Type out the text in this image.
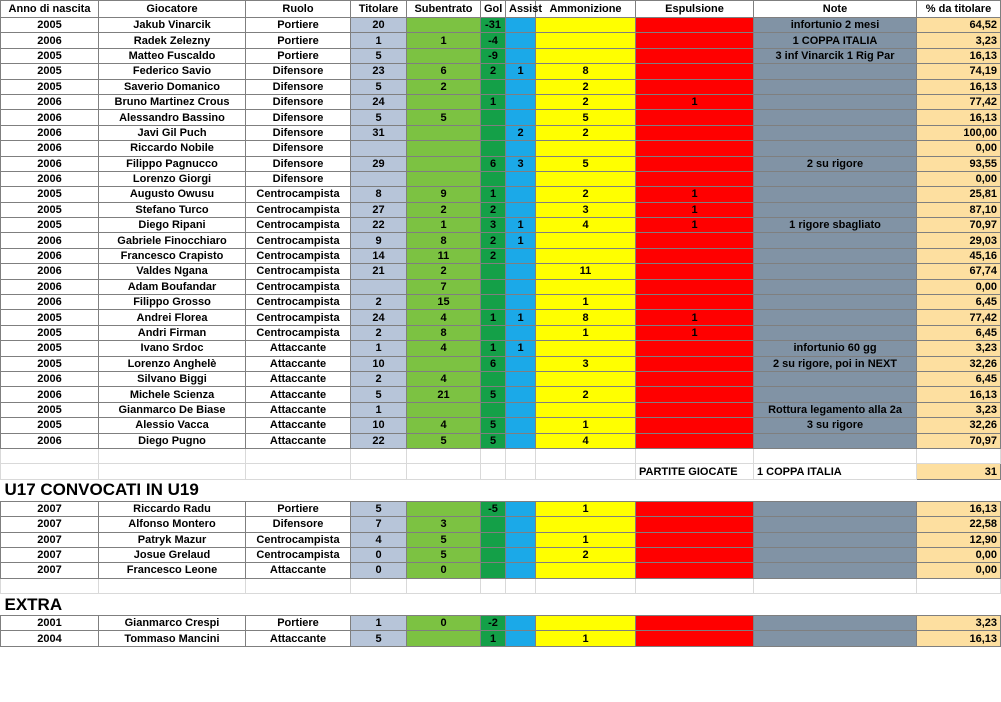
Anno di nascita	Giocatore	Ruolo	Titolare	Subentrato	Gol	Assist	Ammonizione	Espulsione	Note	% da titolare
2005	Jakub Vinarcik	Portiere	20		-31				infortunio 2 mesi	64,52
2006	Radek Zelezny	Portiere	1	1	-4				1 COPPA ITALIA	3,23
2005	Matteo Fuscaldo	Portiere	5		-9				3 inf Vinarcik 1 Rig Par	16,13
2005	Federico Savio	Difensore	23	6	2	1	8			74,19
2005	Saverio Domanico	Difensore	5	2			2			16,13
2006	Bruno Martinez Crous	Difensore	24		1		2	1		77,42
2006	Alessandro Bassino	Difensore	5	5			5			16,13
2006	Javi Gil Puch	Difensore	31			2	2			100,00
2006	Riccardo Nobile	Difensore								0,00
2006	Filippo Pagnucco	Difensore	29		6	3	5		2 su rigore	93,55
2006	Lorenzo Giorgi	Difensore								0,00
2005	Augusto Owusu	Centrocampista	8	9	1		2	1		25,81
2005	Stefano Turco	Centrocampista	27	2	2		3	1		87,10
2005	Diego Ripani	Centrocampista	22	1	3	1	4	1	1 rigore sbagliato	70,97
2006	Gabriele Finocchiaro	Centrocampista	9	8	2	1				29,03
2006	Francesco Crapisto	Centrocampista	14	11	2					45,16
2006	Valdes Ngana	Centrocampista	21	2			11			67,74
2006	Adam Boufandar	Centrocampista		7						0,00
2006	Filippo Grosso	Centrocampista	2	15			1			6,45
2005	Andrei Florea	Centrocampista	24	4	1	1	8	1		77,42
2005	Andri Firman	Centrocampista	2	8			1	1		6,45
2005	Ivano Srdoc	Attaccante	1	4	1	1			infortunio 60 gg	3,23
2005	Lorenzo Anghelè	Attaccante	10		6		3		2 su rigore, poi in NEXT	32,26
2006	Silvano Biggi	Attaccante	2	4						6,45
2006	Michele Scienza	Attaccante	5	21	5		2			16,13
2005	Gianmarco De Biase	Attaccante	1						Rottura legamento alla 2a	3,23
2005	Alessio Vacca	Attaccante	10	4	5		1		3 su rigore	32,26
2006	Diego Pugno	Attaccante	22	5	5		4			70,97

								PARTITE GIOCATE	1 COPPA ITALIA	31
U17 CONVOCATI IN U19										
2007	Riccardo Radu	Portiere	5		-5		1			16,13
2007	Alfonso Montero	Difensore	7	3						22,58
2007	Patryk Mazur	Centrocampista	4	5			1			12,90
2007	Josue Grelaud	Centrocampista	0	5			2			0,00
2007	Francesco Leone	Attaccante	0	0						0,00

EXTRA										
2001	Gianmarco Crespi	Portiere	1	0	-2					3,23
2004	Tommaso Mancini	Attaccante	5		1		1			16,13
